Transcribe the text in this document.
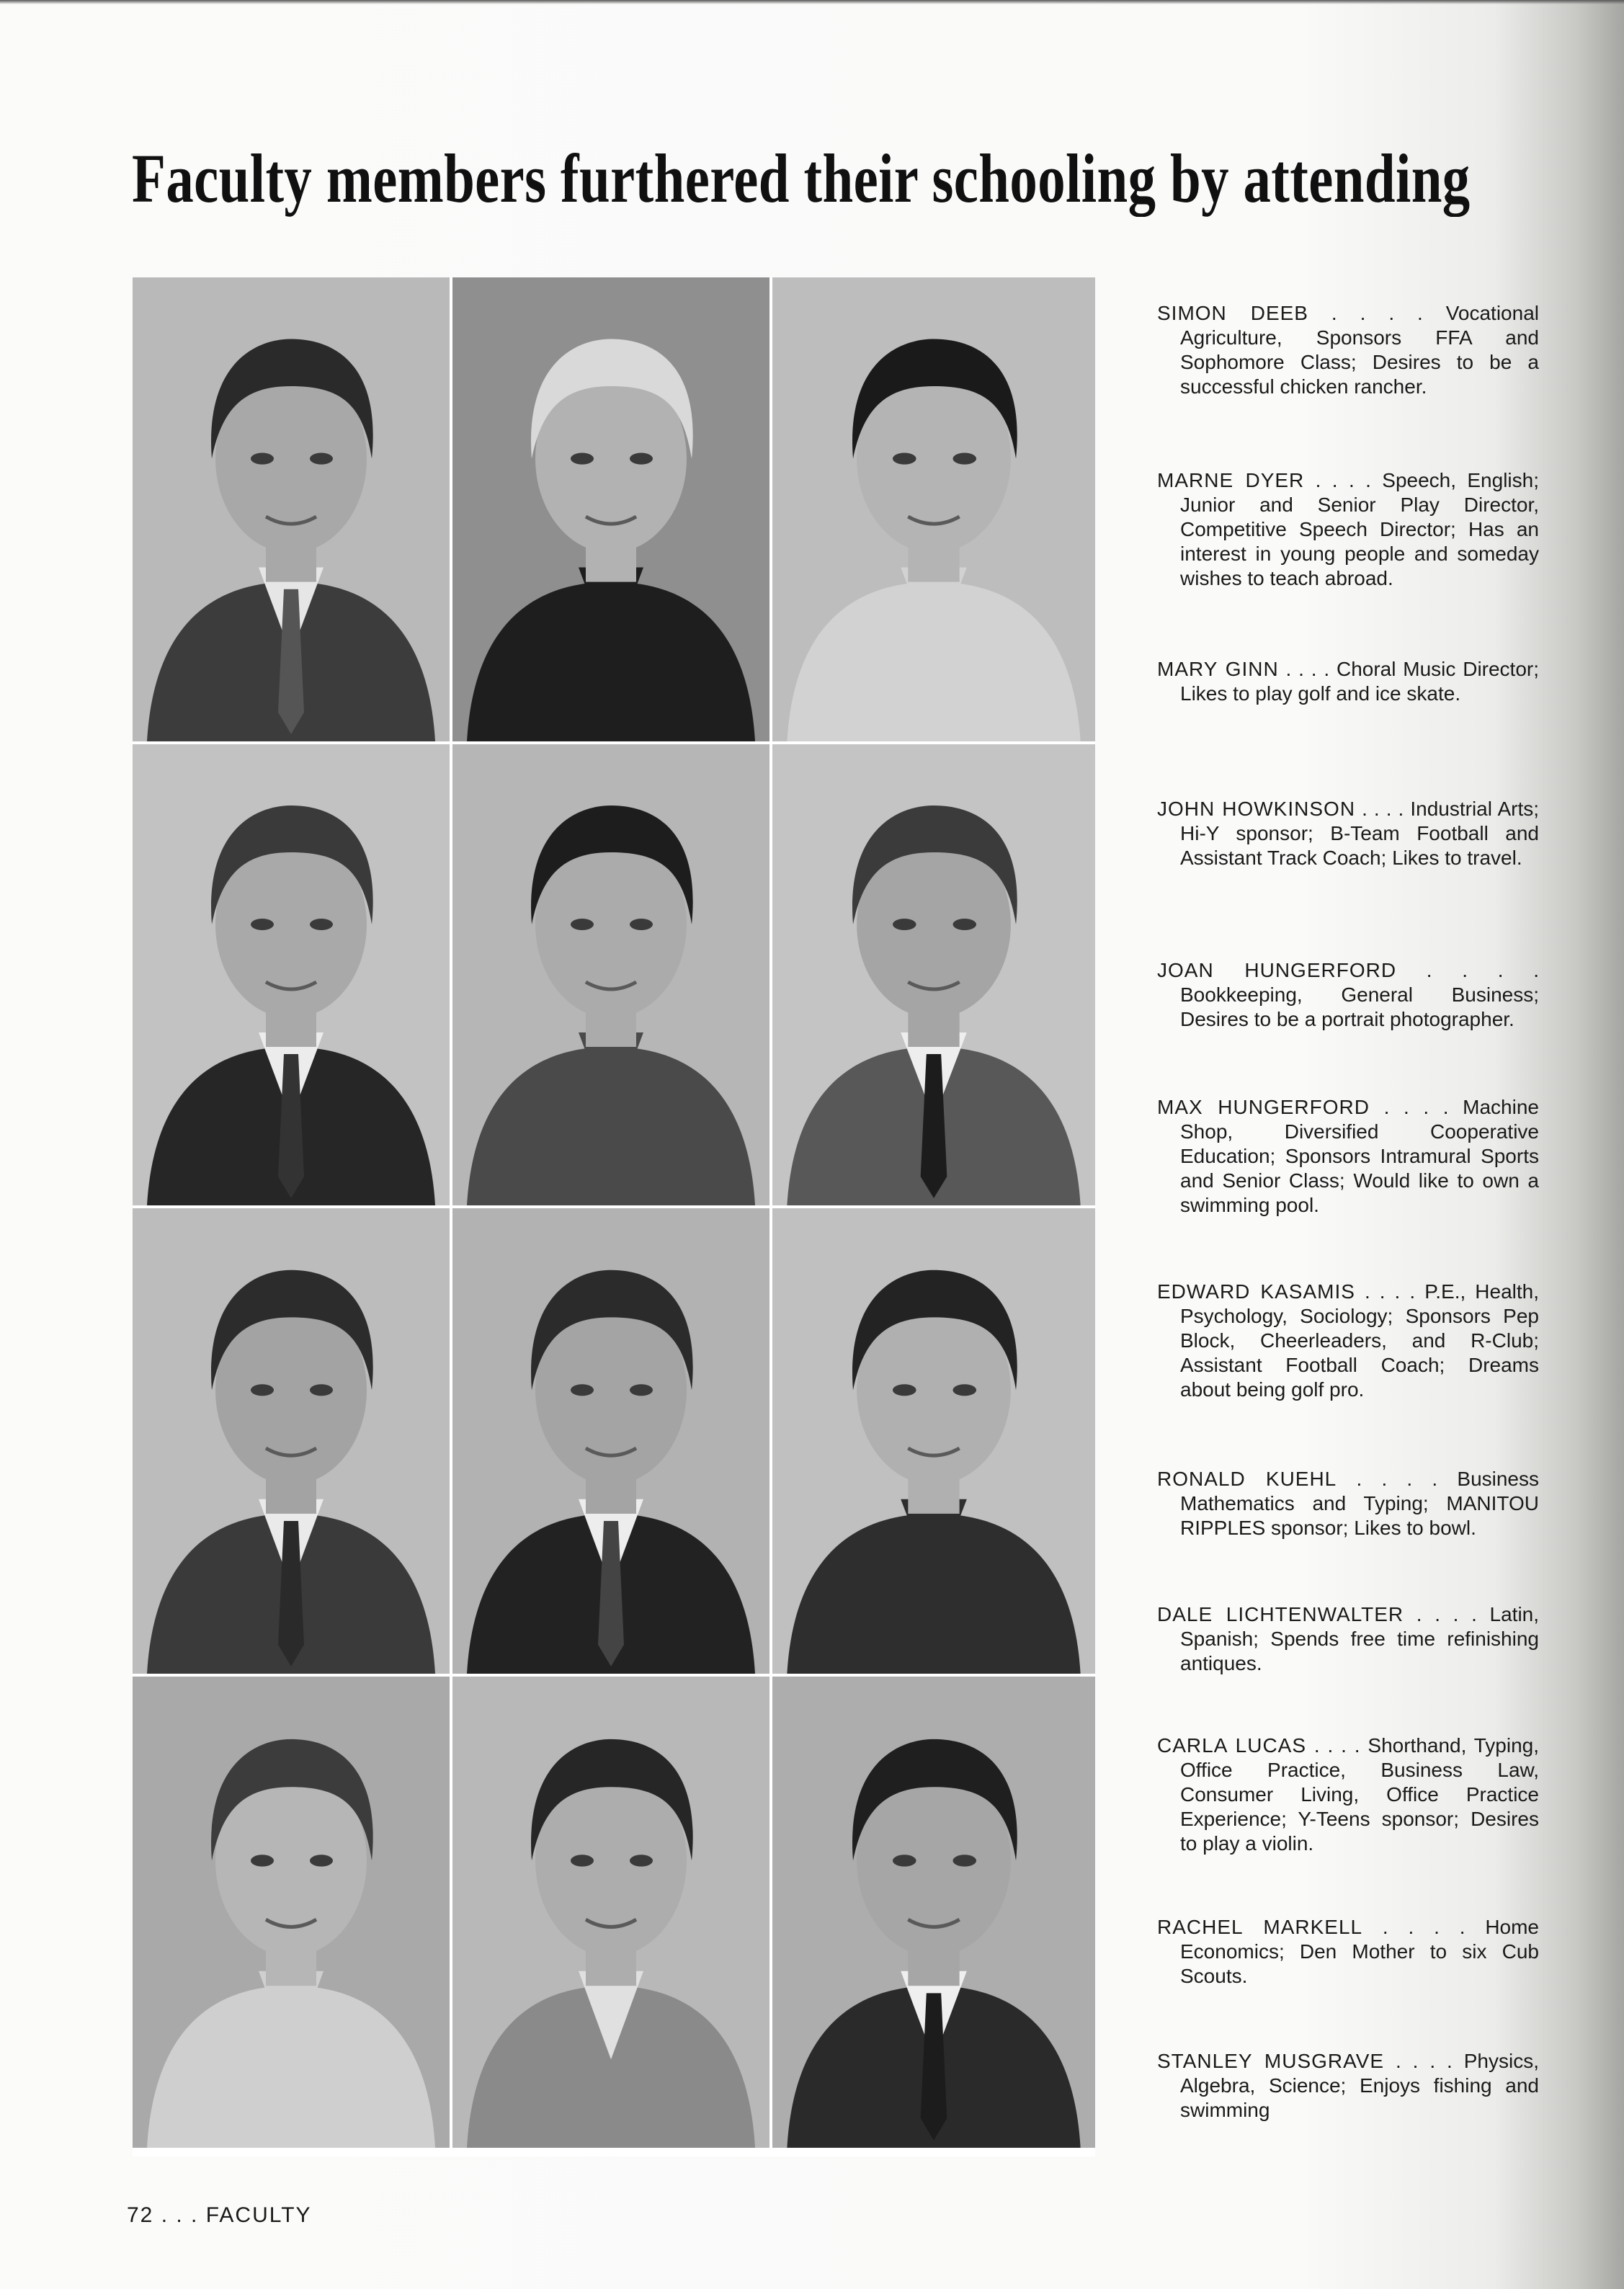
Faculty members furthered their schooling by attending

SIMON DEEB . . . . Vocational Agriculture, Sponsors FFA and Sophomore Class; Desires to be a successful chicken rancher.

MARNE DYER . . . . Speech, English; Junior and Senior Play Director, Competitive Speech Director; Has an interest in young people and someday wishes to teach abroad.

MARY GINN . . . . Choral Music Director; Likes to play golf and ice skate.

JOHN HOWKINSON . . . . Industrial Arts; Hi-Y sponsor; B-Team Football and Assistant Track Coach; Likes to travel.

JOAN HUNGERFORD . . . . Bookkeeping, General Business; Desires to be a portrait photographer.

MAX HUNGERFORD . . . . Machine Shop, Diversified Cooperative Education; Sponsors Intramural Sports and Senior Class; Would like to own a swimming pool.

EDWARD KASAMIS . . . . P.E., Health, Psychology, Sociology; Sponsors Pep Block, Cheerleaders, and R-Club; Assistant Football Coach; Dreams about being golf pro.

RONALD KUEHL . . . . Business Mathematics and Typing; MANITOU RIPPLES sponsor; Likes to bowl.

DALE LICHTENWALTER . . . . Latin, Spanish; Spends free time refinishing antiques.

CARLA LUCAS . . . . Shorthand, Typing, Office Practice, Business Law, Consumer Living, Office Practice Experience; Y-Teens sponsor; Desires to play a violin.

RACHEL MARKELL . . . . Home Economics; Den Mother to six Cub Scouts.

STANLEY MUSGRAVE . . . . Physics, Algebra, Science; Enjoys fishing and swimming

72 . . . FACULTY
